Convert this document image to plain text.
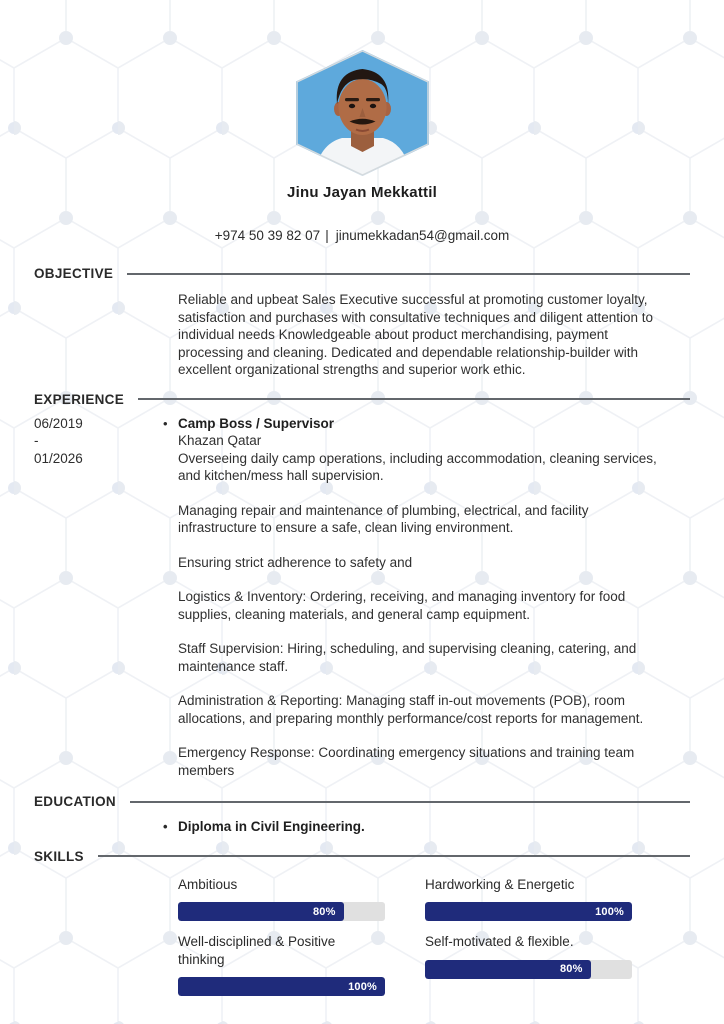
Jinu Jayan Mekkattil
+974 50 39 82 07 | jinumekkadan54@gmail.com
OBJECTIVE
Reliable and upbeat Sales Executive successful at promoting customer loyalty, satisfaction and purchases with consultative techniques and diligent attention to individual needs Knowledgeable about product merchandising, payment processing and cleaning. Dedicated and dependable relationship-builder with excellent organizational strengths and superior work ethic.
EXPERIENCE
06/2019
-
01/2026
• Camp Boss / Supervisor
Khazan Qatar

Overseeing daily camp operations, including accommodation, cleaning services, and kitchen/mess hall supervision.

Managing repair and maintenance of plumbing, electrical, and facility infrastructure to ensure a safe, clean living environment.

Ensuring strict adherence to safety and

Logistics & Inventory: Ordering, receiving, and managing inventory for food supplies, cleaning materials, and general camp equipment.

Staff Supervision: Hiring, scheduling, and supervising cleaning, catering, and maintenance staff.

Administration & Reporting: Managing staff in-out movements (POB), room allocations, and preparing monthly performance/cost reports for management.

Emergency Response: Coordinating emergency situations and training team members

EDUCATION
• Diploma in Civil Engineering.
SKILLS
Ambitious
80%
Hardworking & Energetic
100%
Well-disciplined & Positive thinking
100%
Self-motivated & flexible.
80%
